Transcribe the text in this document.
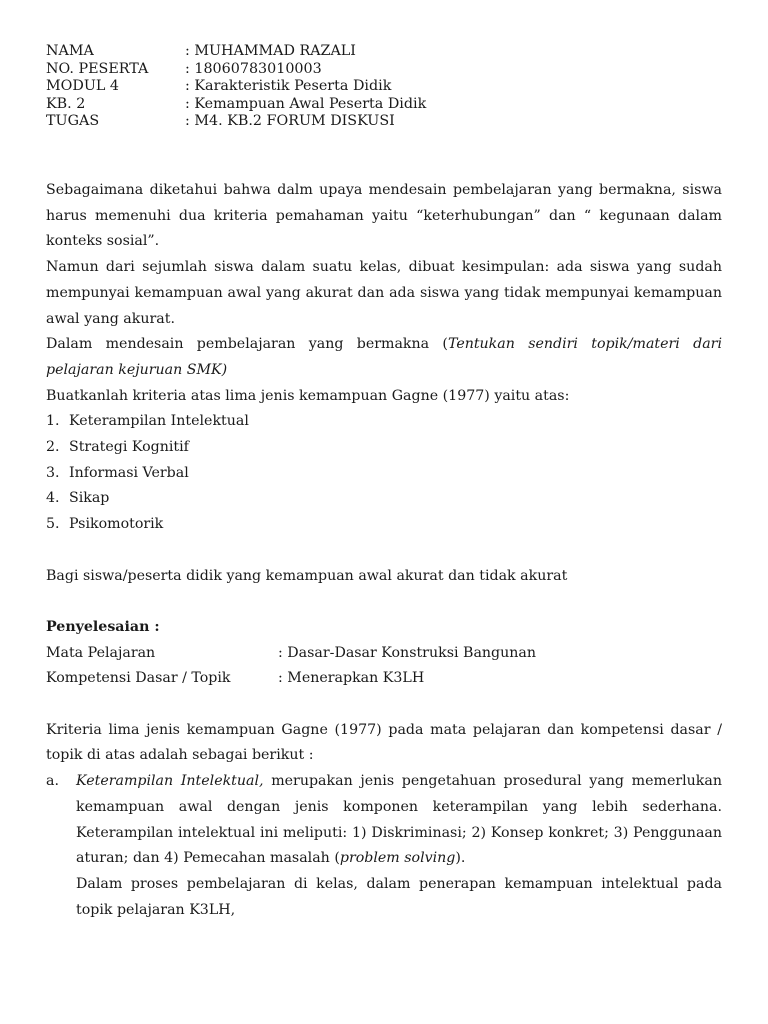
NAMA	: MUHAMMAD RAZALI
NO. PESERTA	: 18060783010003
MODUL 4	: Karakteristik Peserta Didik
KB. 2	: Kemampuan Awal Peserta Didik
TUGAS	: M4. KB.2 FORUM DISKUSI
Sebagaimana diketahui bahwa dalm upaya mendesain pembelajaran yang bermakna, siswa harus memenuhi dua kriteria pemahaman yaitu “keterhubungan” dan “ kegunaan dalam konteks sosial”.
Namun dari sejumlah siswa dalam suatu kelas, dibuat kesimpulan: ada siswa yang sudah mempunyai kemampuan awal yang akurat dan ada siswa yang tidak mempunyai kemampuan awal yang akurat.
Dalam mendesain pembelajaran yang bermakna (Tentukan sendiri topik/materi dari pelajaran kejuruan SMK)
Buatkanlah kriteria atas lima jenis kemampuan Gagne (1977) yaitu atas:
1. Keterampilan Intelektual
2. Strategi Kognitif
3. Informasi Verbal
4. Sikap
5. Psikomotorik
Bagi siswa/peserta didik yang kemampuan awal akurat dan tidak akurat
Penyelesaian :
Mata Pelajaran	: Dasar-Dasar Konstruksi Bangunan
Kompetensi Dasar / Topik	: Menerapkan K3LH
Kriteria lima jenis kemampuan Gagne (1977) pada mata pelajaran dan kompetensi dasar / topik di atas adalah sebagai berikut :
a.	Keterampilan Intelektual, merupakan jenis pengetahuan prosedural yang memerlukan kemampuan awal dengan jenis komponen keterampilan yang lebih sederhana. Keterampilan intelektual ini meliputi: 1) Diskriminasi; 2) Konsep konkret; 3) Penggunaan aturan; dan 4) Pemecahan masalah (problem solving).
Dalam proses pembelajaran di kelas, dalam penerapan kemampuan intelektual pada topik pelajaran K3LH,
